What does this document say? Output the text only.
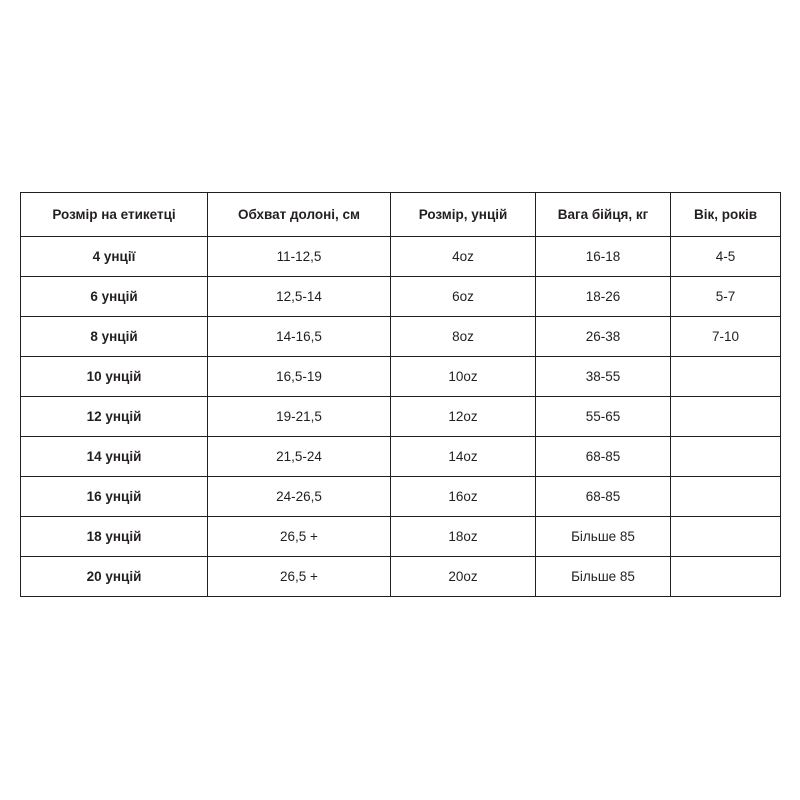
Розмір на етикетці	Обхват долоні, см	Розмір, унцій	Вага бійця, кг	Вік, років
4 унції	11-12,5	4oz	16-18	4-5
6 унцій	12,5-14	6oz	18-26	5-7
8 унцій	14-16,5	8oz	26-38	7-10
10 унцій	16,5-19	10oz	38-55	
12 унцій	19-21,5	12oz	55-65	
14 унцій	21,5-24	14oz	68-85	
16 унцій	24-26,5	16oz	68-85	
18 унцій	26,5 +	18oz	Більше 85	
20 унцій	26,5 +	20oz	Більше 85	
